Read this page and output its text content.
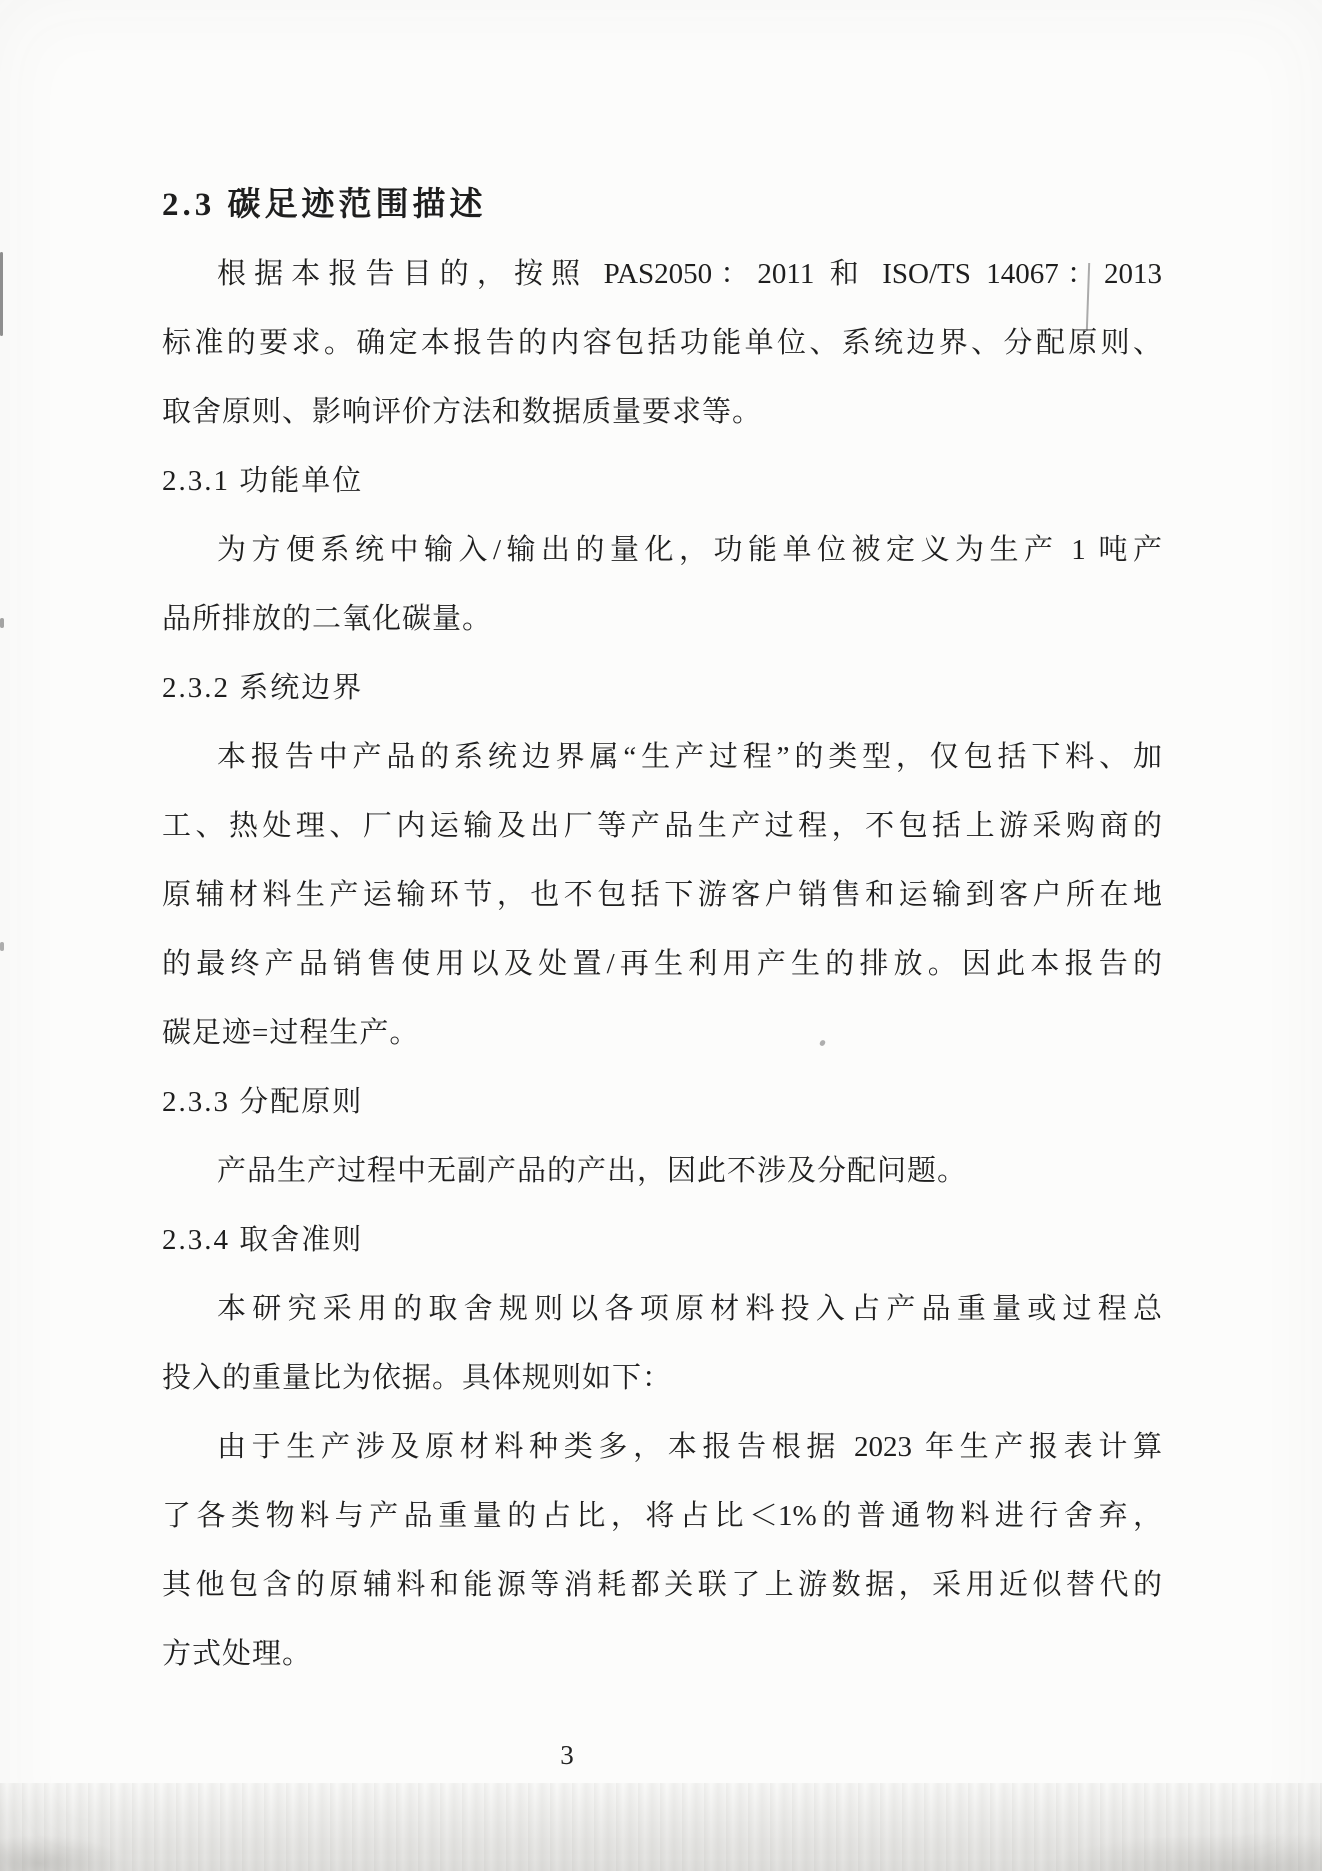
2.3 碳足迹范围描述
根据本报告目的，按照 PAS2050：2011 和 ISO/TS 14067：2013
标准的要求。确定本报告的内容包括功能单位、系统边界、分配原则、
取舍原则、影响评价方法和数据质量要求等。
2.3.1 功能单位
为方便系统中输入/输出的量化，功能单位被定义为生产 1 吨产
品所排放的二氧化碳量。
2.3.2 系统边界
本报告中产品的系统边界属“生产过程”的类型，仅包括下料、加
工、热处理、厂内运输及出厂等产品生产过程，不包括上游采购商的
原辅材料生产运输环节，也不包括下游客户销售和运输到客户所在地
的最终产品销售使用以及处置/再生利用产生的排放。因此本报告的
碳足迹=过程生产。
2.3.3 分配原则
产品生产过程中无副产品的产出，因此不涉及分配问题。
2.3.4 取舍准则
本研究采用的取舍规则以各项原材料投入占产品重量或过程总
投入的重量比为依据。具体规则如下：
由于生产涉及原材料种类多，本报告根据 2023 年生产报表计算
了各类物料与产品重量的占比，将占比＜1%的普通物料进行舍弃，
其他包含的原辅料和能源等消耗都关联了上游数据，采用近似替代的
方式处理。
3
